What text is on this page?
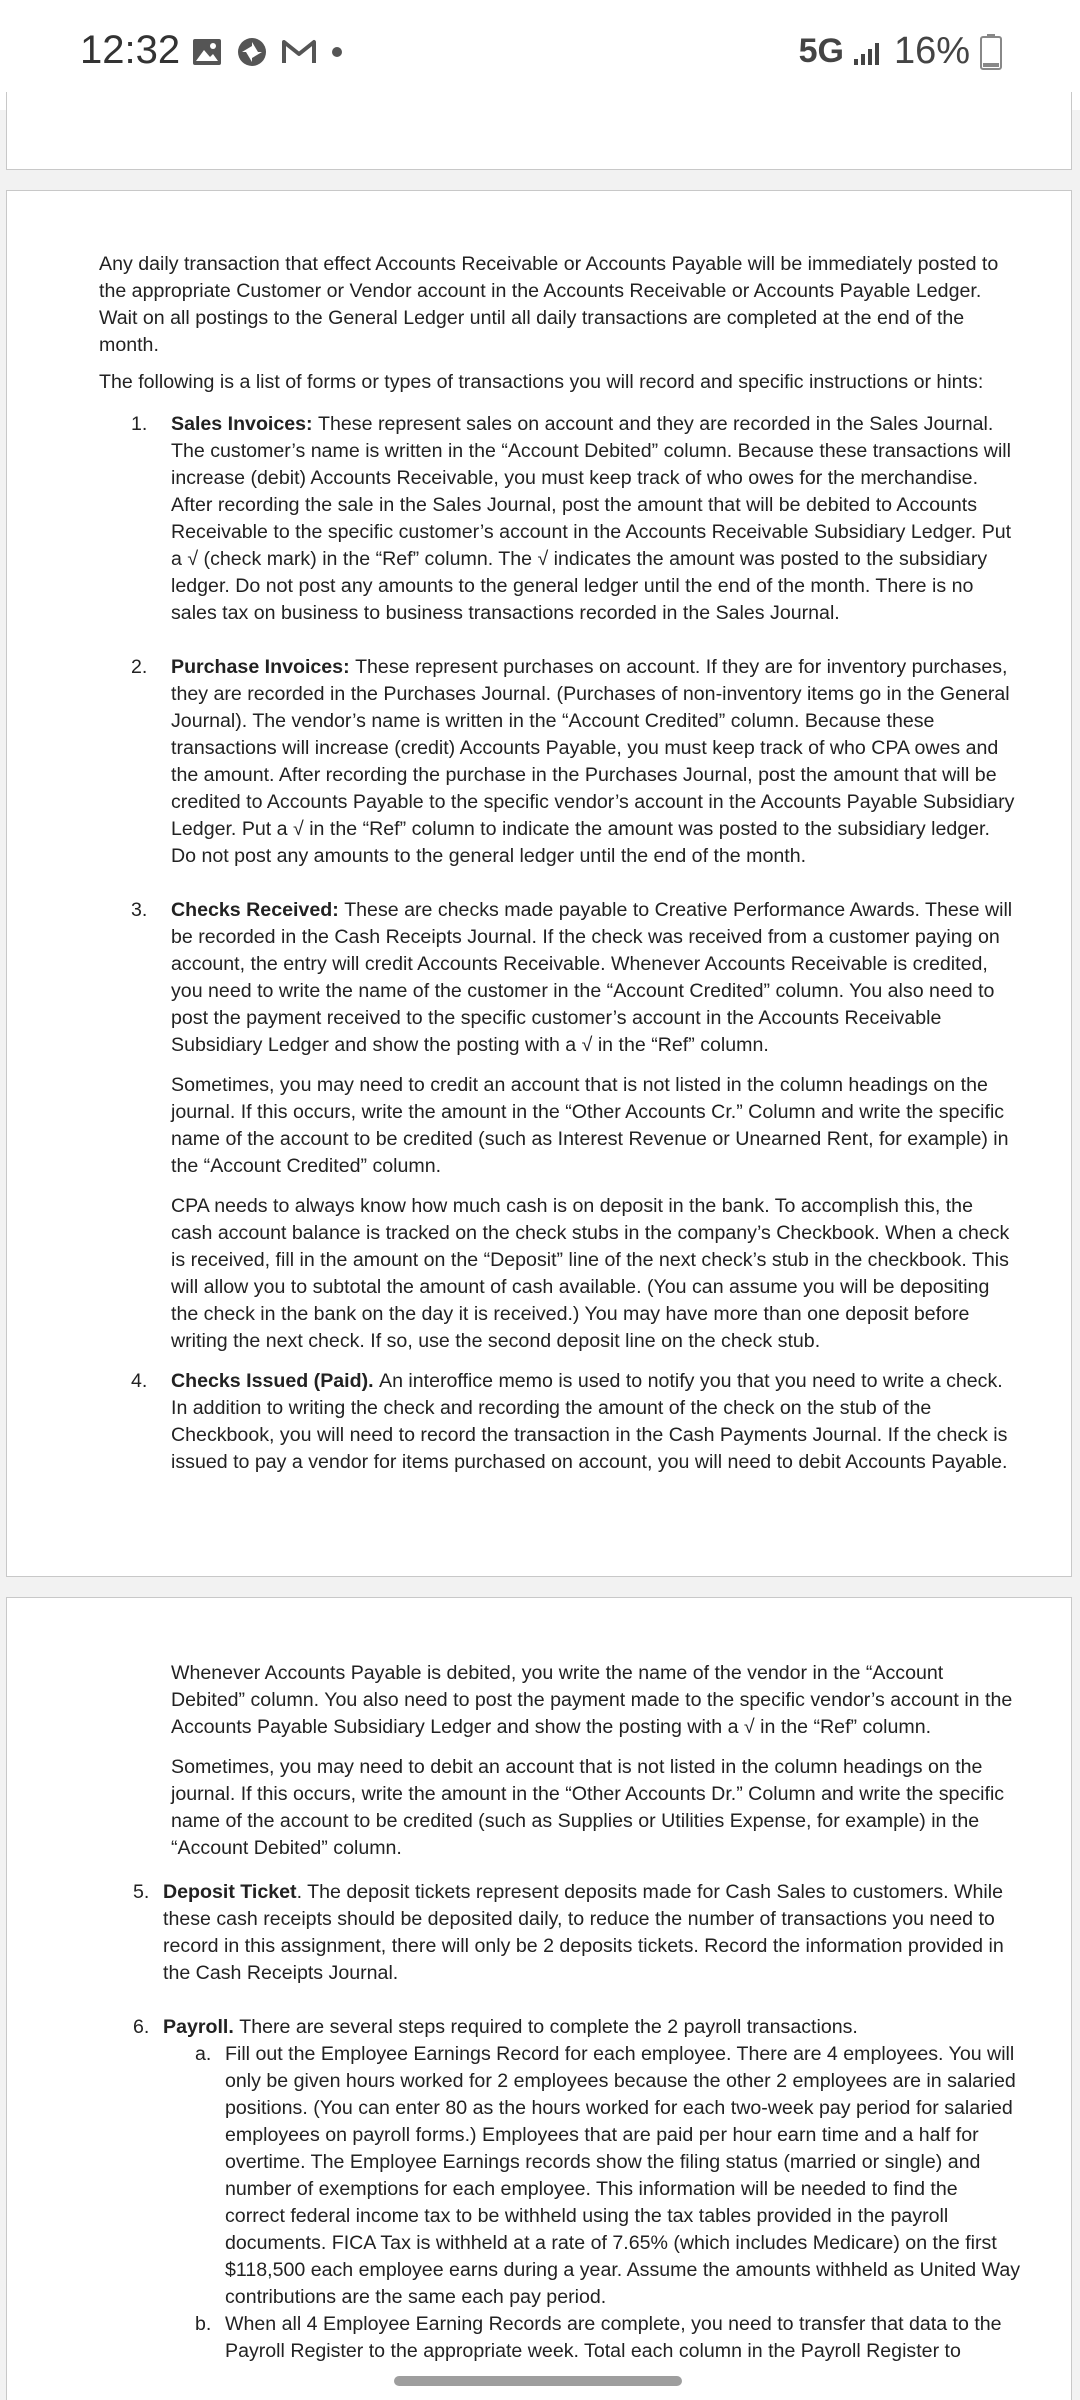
12:32	5G 16%

Any daily transaction that effect Accounts Receivable or Accounts Payable will be immediately posted to the appropriate Customer or Vendor account in the Accounts Receivable or Accounts Payable Ledger. Wait on all postings to the General Ledger until all daily transactions are completed at the end of the month.

The following is a list of forms or types of transactions you will record and specific instructions or hints:

1. Sales Invoices: These represent sales on account and they are recorded in the Sales Journal. The customer’s name is written in the “Account Debited” column. Because these transactions will increase (debit) Accounts Receivable, you must keep track of who owes for the merchandise. After recording the sale in the Sales Journal, post the amount that will be debited to Accounts Receivable to the specific customer’s account in the Accounts Receivable Subsidiary Ledger. Put a √ (check mark) in the “Ref” column. The √ indicates the amount was posted to the subsidiary ledger. Do not post any amounts to the general ledger until the end of the month. There is no sales tax on business to business transactions recorded in the Sales Journal.

2. Purchase Invoices: These represent purchases on account. If they are for inventory purchases, they are recorded in the Purchases Journal. (Purchases of non-inventory items go in the General Journal). The vendor’s name is written in the “Account Credited” column. Because these transactions will increase (credit) Accounts Payable, you must keep track of who CPA owes and the amount. After recording the purchase in the Purchases Journal, post the amount that will be credited to Accounts Payable to the specific vendor’s account in the Accounts Payable Subsidiary Ledger. Put a √ in the “Ref” column to indicate the amount was posted to the subsidiary ledger. Do not post any amounts to the general ledger until the end of the month.

3. Checks Received: These are checks made payable to Creative Performance Awards. These will be recorded in the Cash Receipts Journal. If the check was received from a customer paying on account, the entry will credit Accounts Receivable. Whenever Accounts Receivable is credited, you need to write the name of the customer in the “Account Credited” column. You also need to post the payment received to the specific customer’s account in the Accounts Receivable Subsidiary Ledger and show the posting with a √ in the “Ref” column.

Sometimes, you may need to credit an account that is not listed in the column headings on the journal. If this occurs, write the amount in the “Other Accounts Cr.” Column and write the specific name of the account to be credited (such as Interest Revenue or Unearned Rent, for example) in the “Account Credited” column.

CPA needs to always know how much cash is on deposit in the bank. To accomplish this, the cash account balance is tracked on the check stubs in the company’s Checkbook. When a check is received, fill in the amount on the “Deposit” line of the next check’s stub in the checkbook. This will allow you to subtotal the amount of cash available. (You can assume you will be depositing the check in the bank on the day it is received.) You may have more than one deposit before writing the next check. If so, use the second deposit line on the check stub.

4. Checks Issued (Paid). An interoffice memo is used to notify you that you need to write a check. In addition to writing the check and recording the amount of the check on the stub of the Checkbook, you will need to record the transaction in the Cash Payments Journal. If the check is issued to pay a vendor for items purchased on account, you will need to debit Accounts Payable.

Whenever Accounts Payable is debited, you write the name of the vendor in the “Account Debited” column. You also need to post the payment made to the specific vendor’s account in the Accounts Payable Subsidiary Ledger and show the posting with a √ in the “Ref” column.

Sometimes, you may need to debit an account that is not listed in the column headings on the journal. If this occurs, write the amount in the “Other Accounts Dr.” Column and write the specific name of the account to be credited (such as Supplies or Utilities Expense, for example) in the “Account Debited” column.

5. Deposit Ticket. The deposit tickets represent deposits made for Cash Sales to customers. While these cash receipts should be deposited daily, to reduce the number of transactions you need to record in this assignment, there will only be 2 deposits tickets. Record the information provided in the Cash Receipts Journal.

6. Payroll. There are several steps required to complete the 2 payroll transactions.

a. Fill out the Employee Earnings Record for each employee. There are 4 employees. You will only be given hours worked for 2 employees because the other 2 employees are in salaried positions. (You can enter 80 as the hours worked for each two-week pay period for salaried employees on payroll forms.) Employees that are paid per hour earn time and a half for overtime. The Employee Earnings records show the filing status (married or single) and number of exemptions for each employee. This information will be needed to find the correct federal income tax to be withheld using the tax tables provided in the payroll documents. FICA Tax is withheld at a rate of 7.65% (which includes Medicare) on the first $118,500 each employee earns during a year. Assume the amounts withheld as United Way contributions are the same each pay period.

b. When all 4 Employee Earning Records are complete, you need to transfer that data to the Payroll Register to the appropriate week. Total each column in the Payroll Register to
